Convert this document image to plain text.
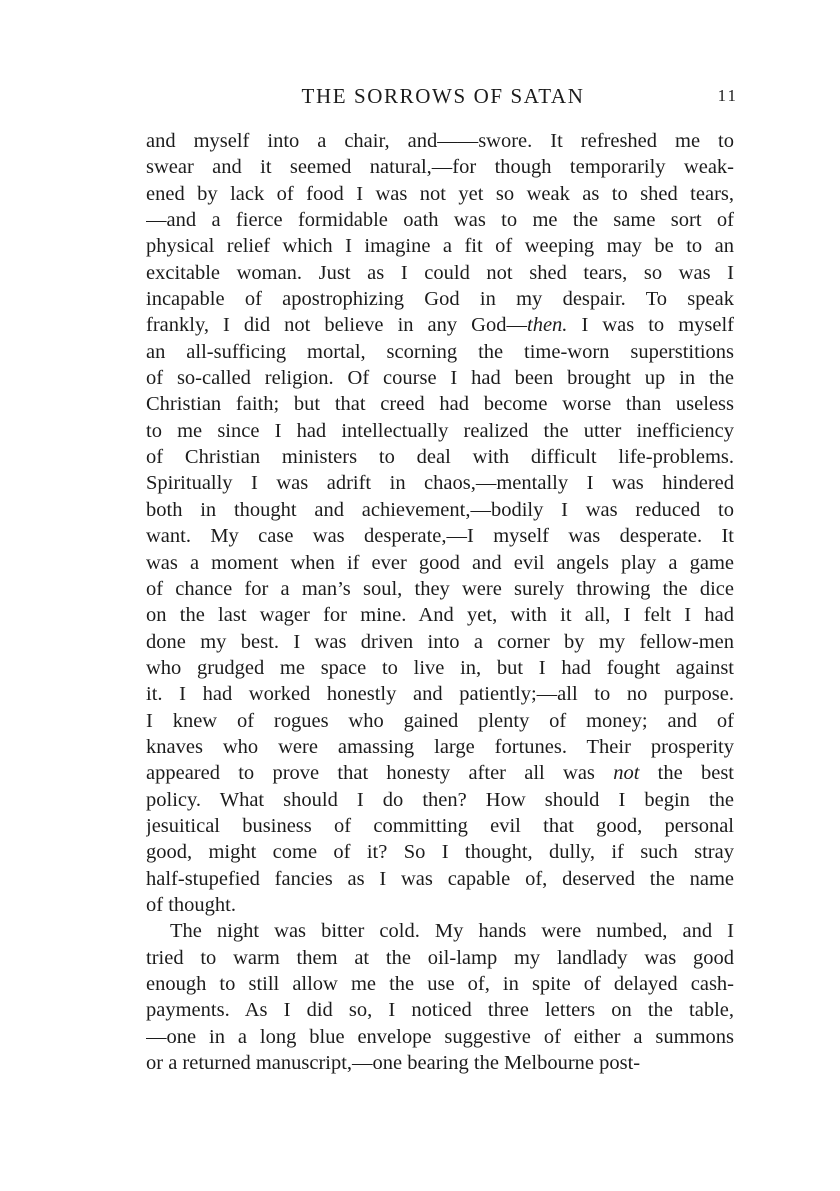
THE SORROWS OF SATAN	11
and myself into a chair, and——swore. It refreshed me to
swear and it seemed natural,—for though temporarily weak-
ened by lack of food I was not yet so weak as to shed tears,
—and a fierce formidable oath was to me the same sort of
physical relief which I imagine a fit of weeping may be to an
excitable woman. Just as I could not shed tears, so was I
incapable of apostrophizing God in my despair. To speak
frankly, I did not believe in any God—then. I was to myself
an all-sufficing mortal, scorning the time-worn superstitions
of so-called religion. Of course I had been brought up in the
Christian faith; but that creed had become worse than useless
to me since I had intellectually realized the utter inefficiency
of Christian ministers to deal with difficult life-problems.
Spiritually I was adrift in chaos,—mentally I was hindered
both in thought and achievement,—bodily I was reduced to
want. My case was desperate,—I myself was desperate. It
was a moment when if ever good and evil angels play a game
of chance for a man’s soul, they were surely throwing the dice
on the last wager for mine. And yet, with it all, I felt I had
done my best. I was driven into a corner by my fellow-men
who grudged me space to live in, but I had fought against
it. I had worked honestly and patiently;—all to no purpose.
I knew of rogues who gained plenty of money; and of
knaves who were amassing large fortunes. Their prosperity
appeared to prove that honesty after all was not the best
policy. What should I do then? How should I begin the
jesuitical business of committing evil that good, personal
good, might come of it? So I thought, dully, if such stray
half-stupefied fancies as I was capable of, deserved the name
of thought.
The night was bitter cold. My hands were numbed, and I
tried to warm them at the oil-lamp my landlady was good
enough to still allow me the use of, in spite of delayed cash-
payments. As I did so, I noticed three letters on the table,
—one in a long blue envelope suggestive of either a summons
or a returned manuscript,—one bearing the Melbourne post-
